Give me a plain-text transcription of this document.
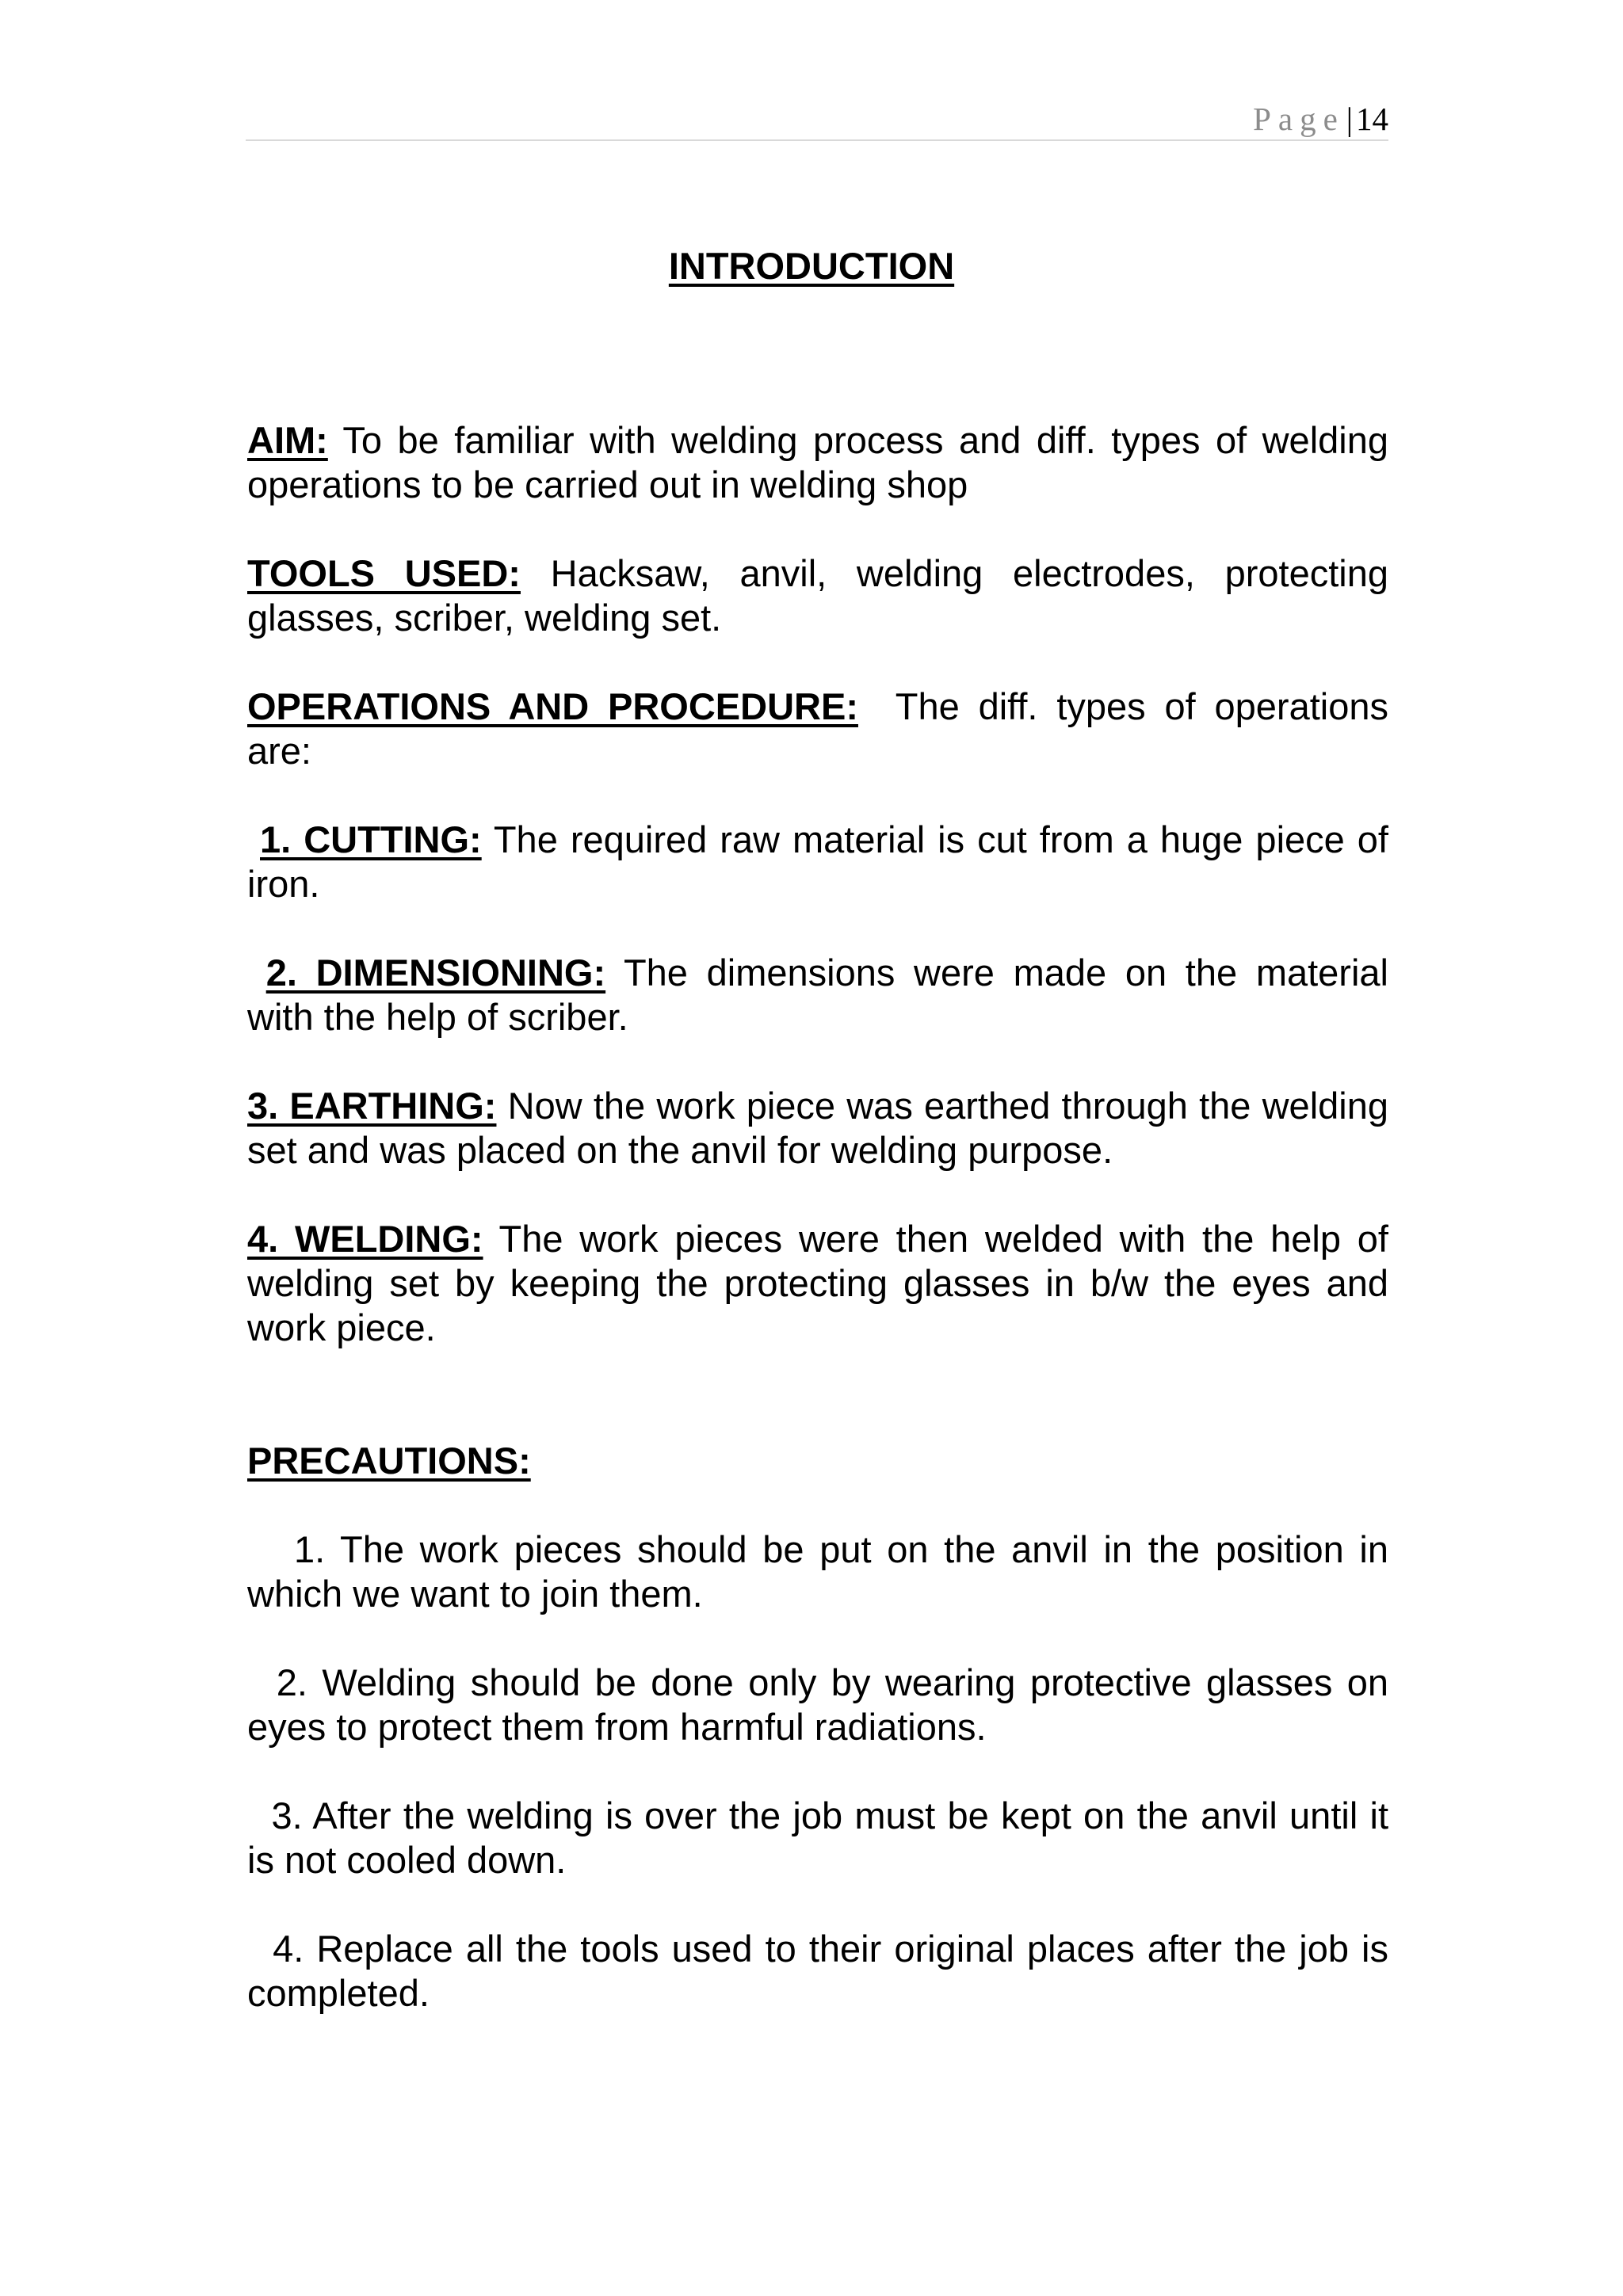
Page|14
INTRODUCTION

AIM: To be familiar with welding process and diff. types of welding operations to be carried out in welding shop

TOOLS USED: Hacksaw, anvil, welding electrodes, protecting glasses, scriber, welding set.

OPERATIONS AND PROCEDURE:  The diff. types of operations are:

1. CUTTING: The required raw material is cut from a huge piece of iron.

2. DIMENSIONING: The dimensions were made on the material with the help of scriber.

3. EARTHING: Now the work piece was earthed through the welding set and was placed on the anvil for welding purpose.

4. WELDING: The work pieces were then welded with the help of welding set by keeping the protecting glasses in b/w the eyes and work piece.

PRECAUTIONS:

1. The work pieces should be put on the anvil in the position in which we want to join them.

2. Welding should be done only by wearing protective glasses on eyes to protect them from harmful radiations.

3. After the welding is over the job must be kept on the anvil until it is not cooled down.

4. Replace all the tools used to their original places after the job is completed.
